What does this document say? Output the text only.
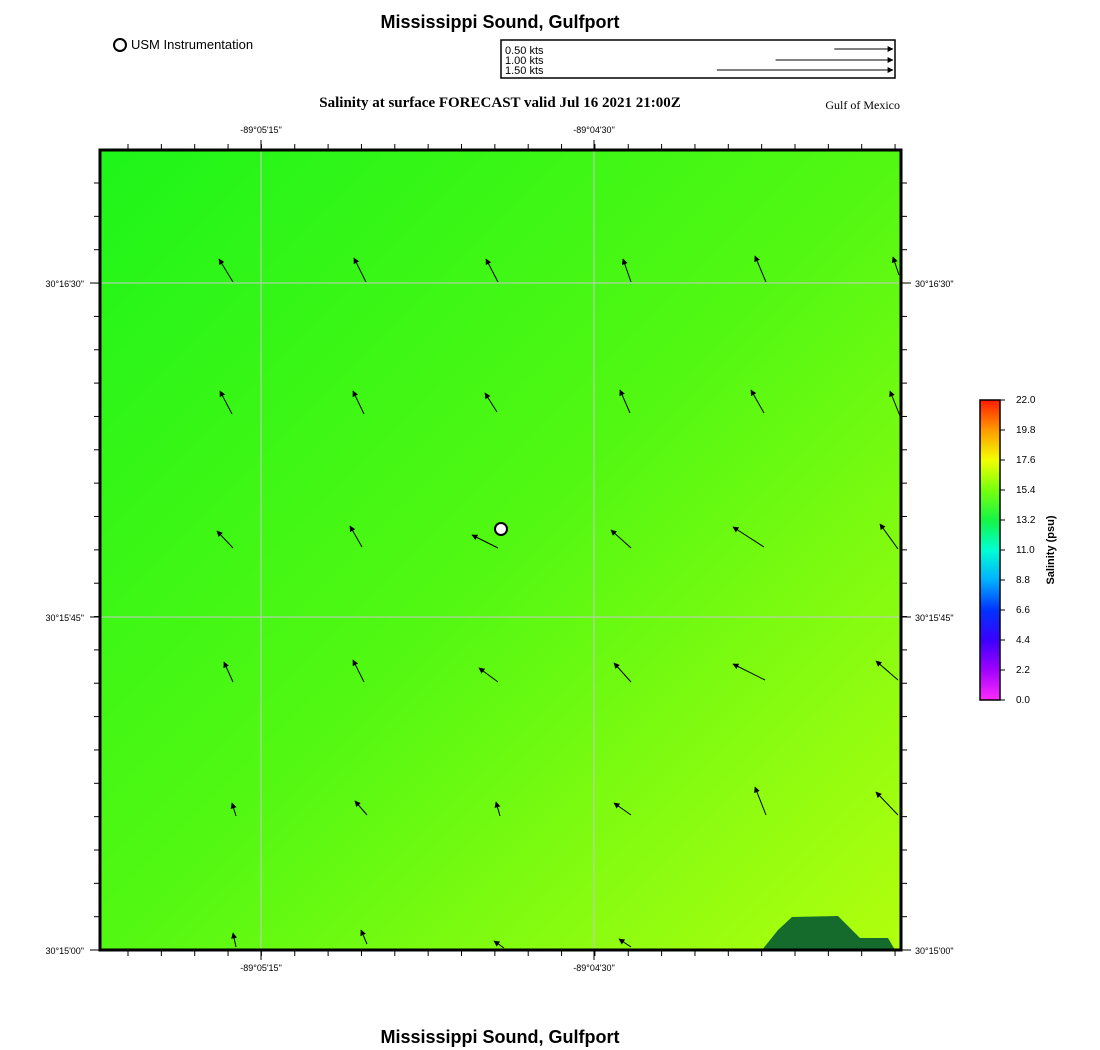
Mississippi Sound, Gulfport
USM Instrumentation
Salinity at surface FORECAST valid Jul 16 2021 21:00Z	Gulf of Mexico
0.50 kts
1.00 kts
1.50 kts
-89°05'15"	-89°04'30"
-89°05'15"	-89°04'30"
30°16'30"
30°15'45"
30°15'00"
30°16'30"
30°15'45"
30°15'00"
22.0
19.8
17.6
15.4
13.2
11.0
8.8
6.6
4.4
2.2
0.0
Salinity (psu)
Mississippi Sound, Gulfport
